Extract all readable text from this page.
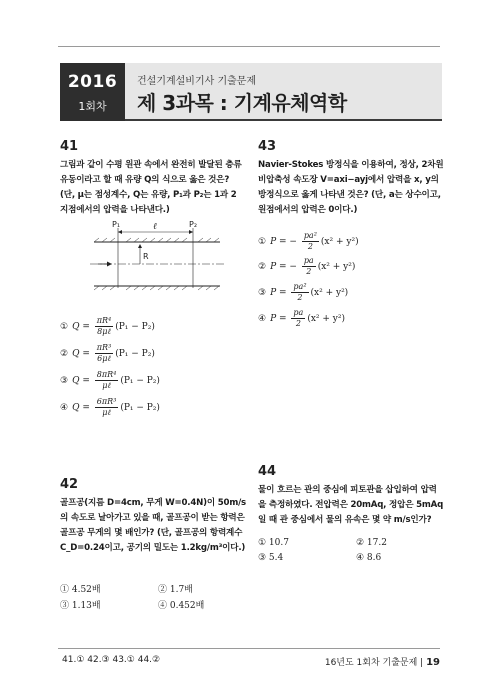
2016
1회차
건설기계설비기사 기출문제
제 3과목 : 기계유체역학
41
그림과 같이 수평 원관 속에서 완전히 발달된 층류 유동이라고 할 때 유량 Q의 식으로 옳은 것은? (단, μ는 점성계수, Q는 유량, P₁과 P₂는 1과 2 지점에서의 압력을 나타낸다.)
P₁	P₂
ℓ
R
① $Q = \frac{\text{πR⁴}}{\text{8μℓ}} (P_1 - P_2)$
② $Q = \frac{\text{πR³}}{\text{6μℓ}} (P_1 - P_2)$
③ $Q = \frac{\text{8πR⁴}}{\text{μℓ}} (P_1 - P_2)$
④ $Q = \frac{\text{6πR³}}{\text{μℓ}} (P_1 - P_2)$
43
Navier-Stokes 방정식을 이용하여, 정상, 2차원 비압축성 속도장 V=axi−ayj에서 압력을 x, y의 방정식으로 옳게 나타낸 것은? (단, a는 상수이고, 원점에서의 압력은 0이다.)
① P = − $\frac{\text{pa²}}{2} (x^2 + y^2)$
② P = − $\frac{pa}{2} (x^2 + y^2)$
③ $P = \frac{\text{pa²}}{2} (x^2 + y^2)$
④ $P = \frac{pa}{2} (x^2 + y^2)$
42
골프공(지름 D=4cm, 무게 W=0.4N)이 50m/s의 속도로 날아가고 있을 때, 골프공이 받는 항력은 골프공 무게의 몇 배인가? (단, 골프공의 항력계수 C_D=0.24이고, 공기의 밀도는 1.2kg/m³이다.)
① 4.52배	② 1.7배
③ 1.13배	④ 0.452배
44
물이 흐르는 관의 중심에 피토관을 삽입하여 압력을 측정하였다. 전압력은 20mAq, 정압은 5mAq 일 때 관 중심에서 물의 유속은 몇 약 m/s인가?
① 10.7	② 17.2
③ 5.4	④ 8.6
41.① 42.③ 43.① 44.②	16년도 1회차 기출문제 | 19
